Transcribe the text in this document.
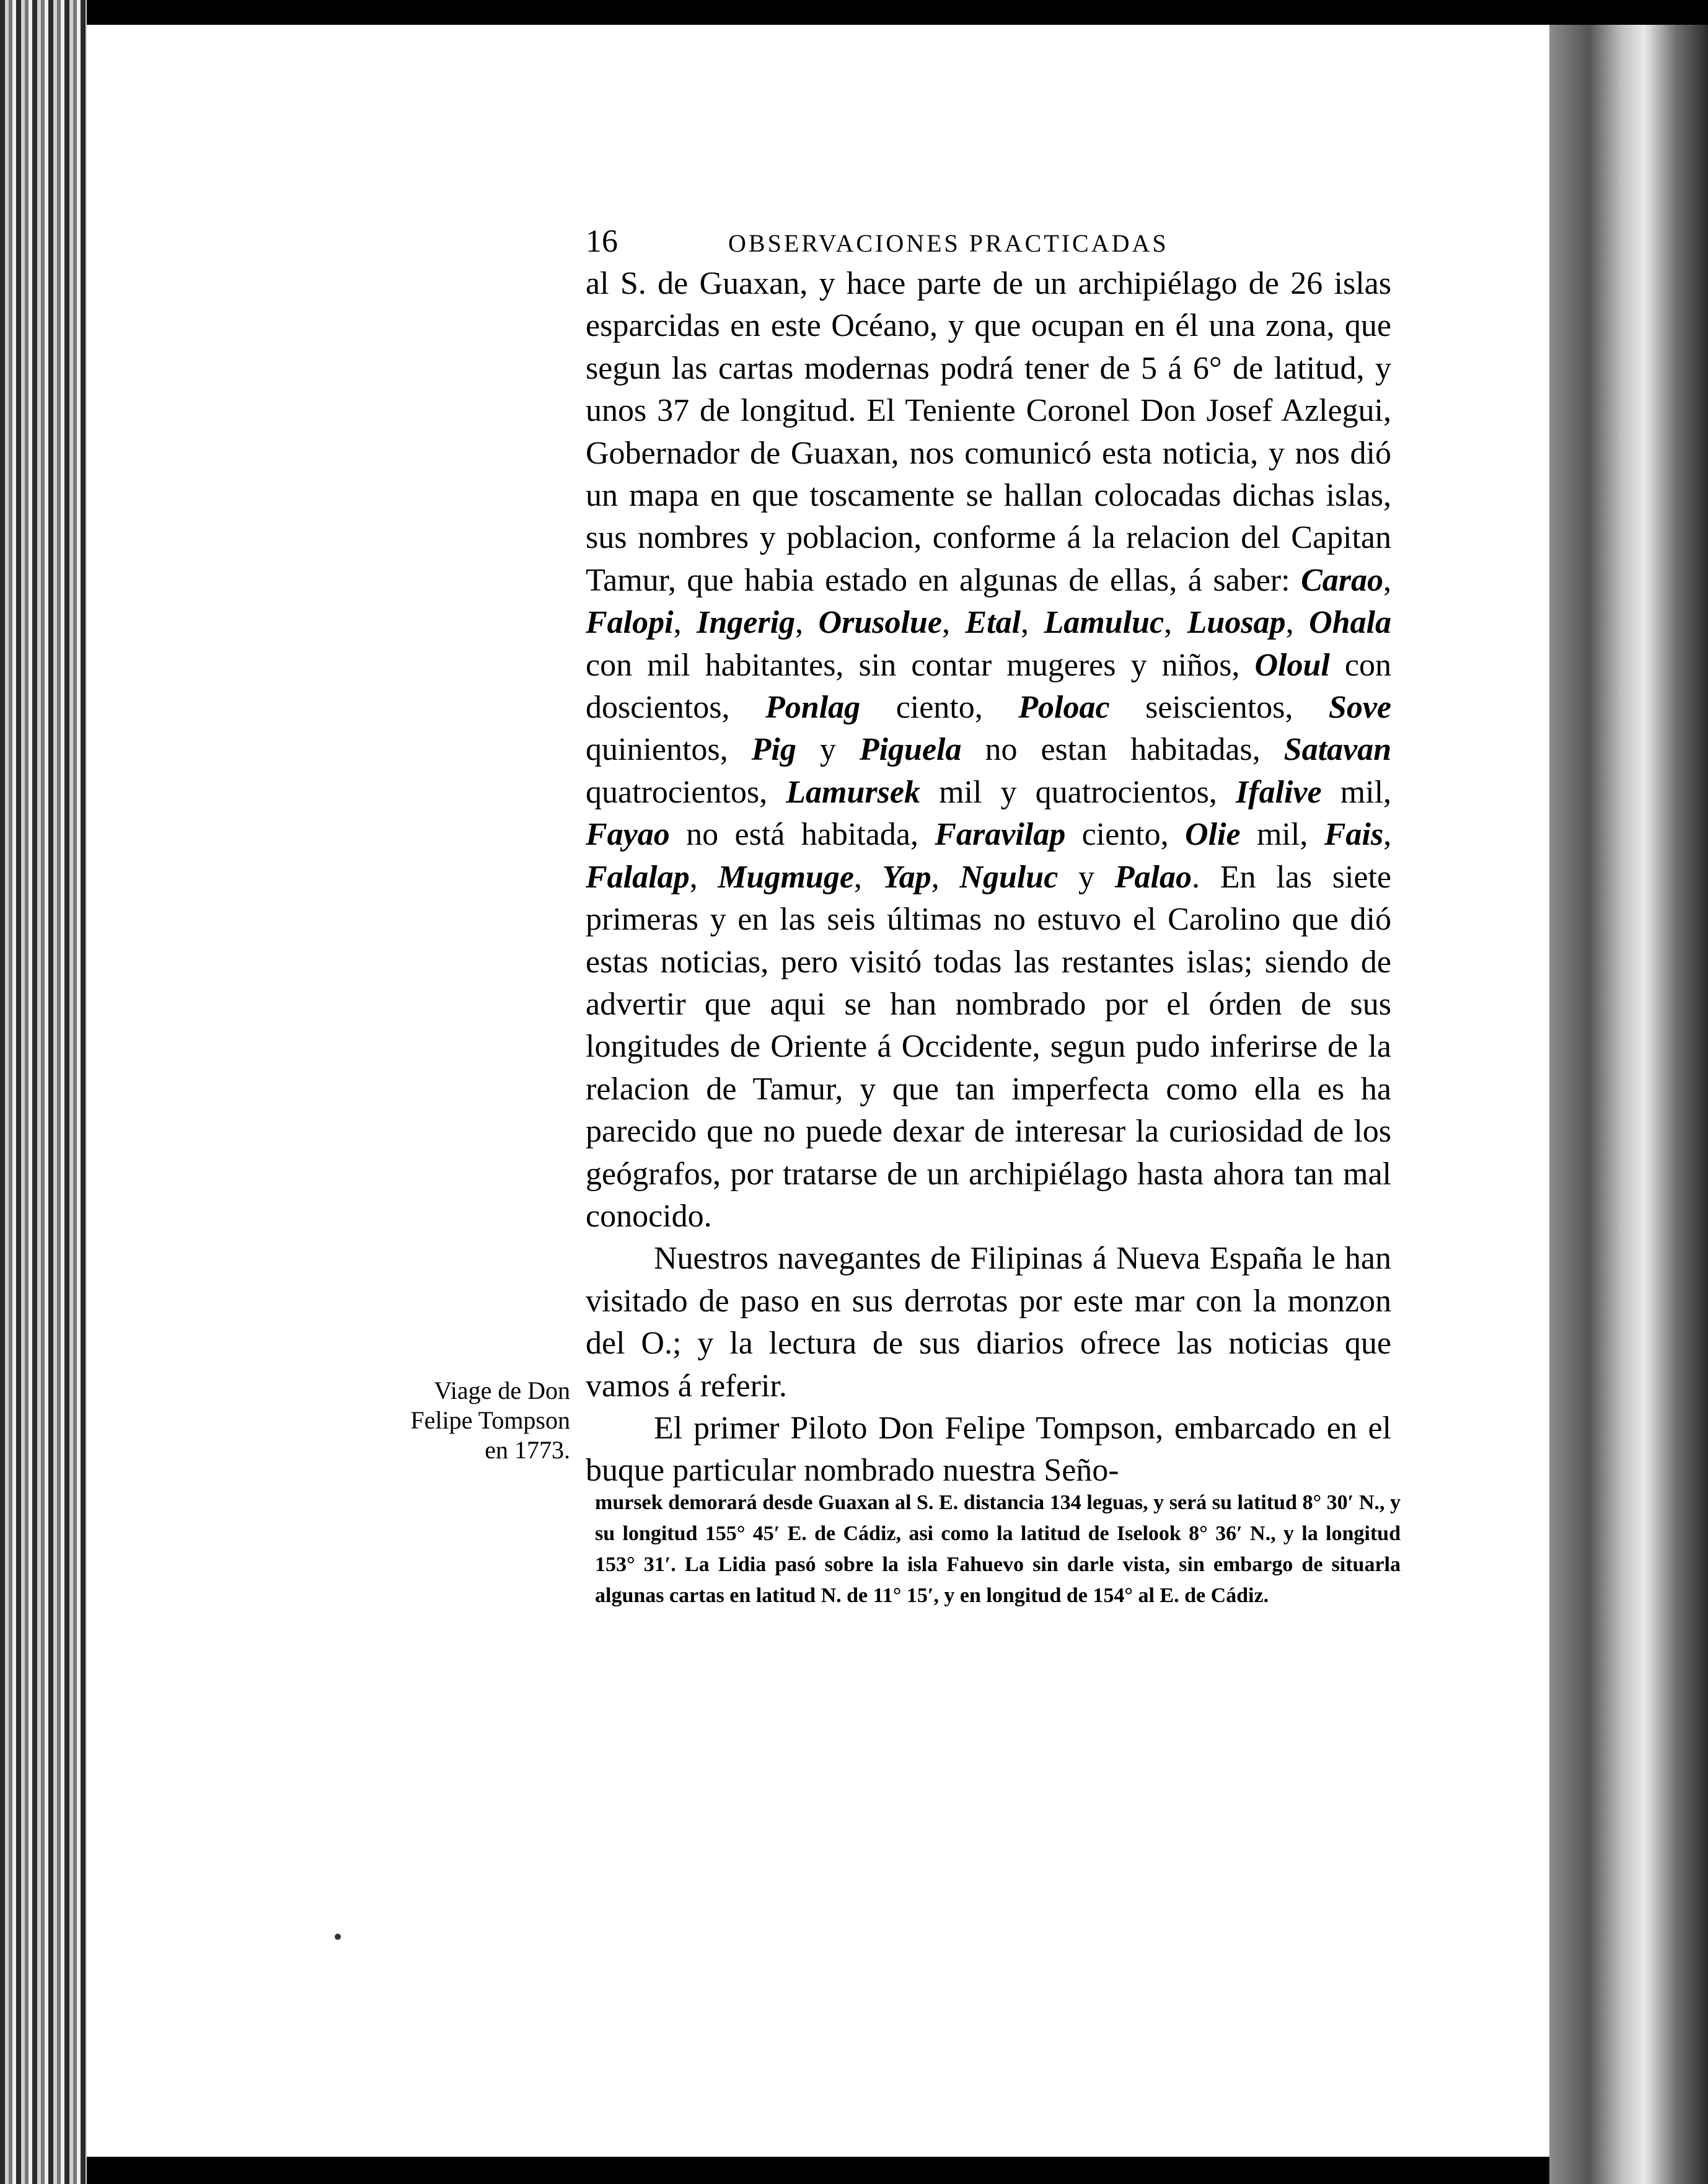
16	OBSERVACIONES PRACTICADAS

al S. de Guaxan, y hace parte de un archipiélago de 26 islas esparcidas en este Océano, y que ocupan en él una zona, que segun las cartas modernas podrá tener de 5 á 6° de latitud, y unos 37 de longitud. El Teniente Coronel Don Josef Azlegui, Gobernador de Guaxan, nos comunicó esta noticia, y nos dió un mapa en que toscamente se hallan colocadas dichas islas, sus nombres y poblacion, conforme á la relacion del Capitan Tamur, que habia estado en algunas de ellas, á saber: Carao, Falopi, Ingerig, Orusolue, Etal, Lamuluc, Luosap, Ohala con mil habitantes, sin contar mugeres y niños, Oloul con doscientos, Ponlag ciento, Poloac seiscientos, Sove quinientos, Pig y Piguela no estan habitadas, Satavan quatrocientos, Lamursek mil y quatrocientos, Ifalive mil, Fayao no está habitada, Faravilap ciento, Olie mil, Fais, Falalap, Mugmuge, Yap, Nguluc y Palao. En las siete primeras y en las seis últimas no estuvo el Carolino que dió estas noticias, pero visitó todas las restantes islas; siendo de advertir que aqui se han nombrado por el órden de sus longitudes de Oriente á Occidente, segun pudo inferirse de la relacion de Tamur, y que tan imperfecta como ella es ha parecido que no puede dexar de interesar la curiosidad de los geógrafos, por tratarse de un archipiélago hasta ahora tan mal conocido.

Nuestros navegantes de Filipinas á Nueva España le han visitado de paso en sus derrotas por este mar con la monzon del O.; y la lectura de sus diarios ofrece las noticias que vamos á referir.

El primer Piloto Don Felipe Tompson, embarcado en el buque particular nombrado nuestra Seño-

Viage de Don
Felipe Tompson
en 1773.

mursek demorará desde Guaxan al S. E. distancia 134 leguas, y será su latitud 8° 30′ N., y su longitud 155° 45′ E. de Cádiz, asi como la latitud de Iselook 8° 36′ N., y la longitud 153° 31′. La Lidia pasó sobre la isla Fahuevo sin darle vista, sin embargo de situarla algunas cartas en latitud N. de 11° 15′, y en longitud de 154° al E. de Cádiz.
